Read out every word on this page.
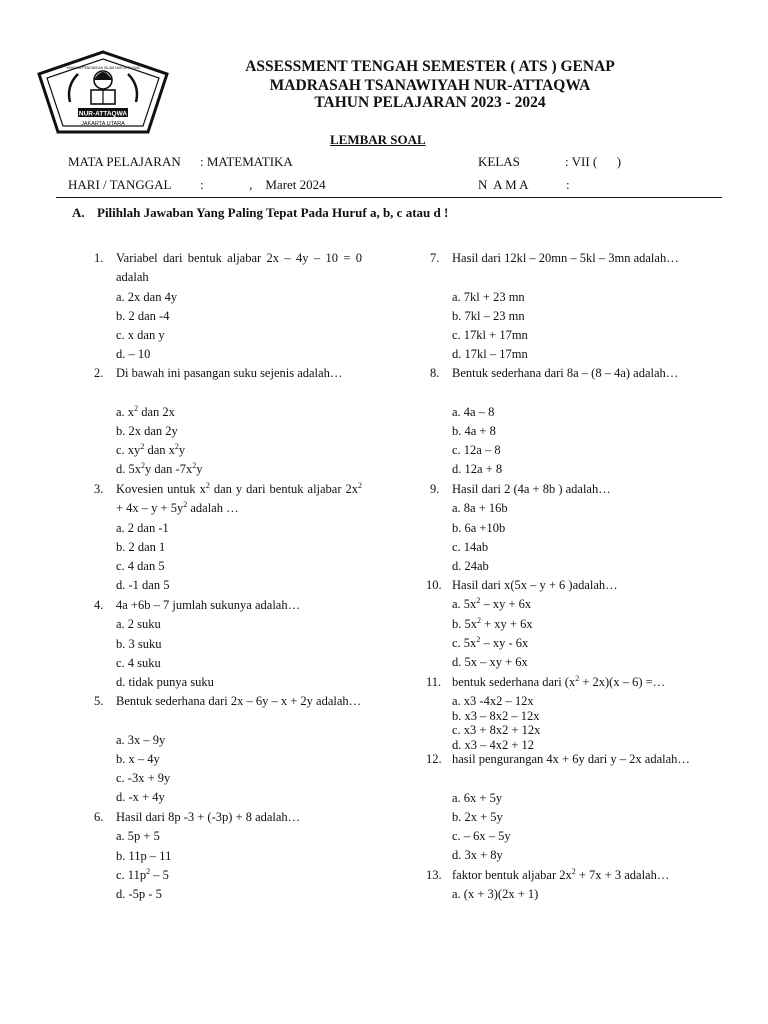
NUR-ATTAQWA
JAKARTA UTARA
YAYASAN PENDIDIKAN ISLAM NUR-ATTAQWA	ASSESSMENT TENGAH SEMESTER ( ATS ) GENAP
MADRASAH TSANAWIYAH NUR-ATTAQWA
TAHUN PELAJARAN 2023 - 2024
LEMBAR SOAL
MATA PELAJARAN : MATEMATIKA	KELAS	: VII (      )
HARI / TANGGAL :              ,    Maret 2024	N  A M A	:
A. Pilihlah Jawaban Yang Paling Tepat Pada Huruf a, b, c atau d !
1. Variabel dari bentuk aljabar 2x – 4y – 10 = 0 adalah
a. 2x dan 4y
b. 2 dan -4
c. x dan y
d. – 10
2. Di bawah ini pasangan suku sejenis adalah…
a. $x^2$ dan 2x
b. 2x dan 2y
c. $xy^2$ dan $x^2y$
d. $5x^2y$ dan $-7x^2y$
3. Kovesien untuk $x^2$ dan y dari bentuk aljabar $2x^2 + 4x - y + 5y^2$ adalah …
a. 2 dan -1
b. 2 dan 1
c. 4 dan 5
d. -1 dan 5
4. 4a +6b – 7 jumlah sukunya adalah…
a. 2 suku
b. 3 suku
c. 4 suku
d. tidak punya suku
5. Bentuk sederhana dari 2x – 6y – x + 2y adalah…
a. 3x – 9y
b. x – 4y
c. -3x + 9y
d. -x + 4y
6. Hasil dari 8p -3 + (-3p) + 8 adalah…
a. 5p + 5
b. 11p – 11
c. $11p^2 - 5$
d. -5p - 5
7. Hasil dari 12kl – 20mn – 5kl – 3mn adalah…
a. 7kl + 23 mn
b. 7kl – 23 mn
c. 17kl + 17mn
d. 17kl – 17mn
8. Bentuk sederhana dari 8a – (8 – 4a) adalah…
a. 4a – 8
b. 4a + 8
c. 12a – 8
d. 12a + 8
9. Hasil dari 2 (4a + 8b ) adalah…
a. 8a + 16b
b. 6a +10b
c. 14ab
d. 24ab
10. Hasil dari x(5x – y + 6 )adalah…
a. $5x^2$ – xy + 6x
b. $5x^2$ + xy + 6x
c. $5x^2$ – xy - 6x
d. 5x – xy + 6x
11. bentuk sederhana dari $(x^2 + 2x)(x - 6)$ =…
a. x3 -4x2 – 12x
b. x3 – 8x2 – 12x
c. x3 + 8x2 + 12x
d. x3 – 4x2 + 12
12. hasil pengurangan 4x + 6y dari y – 2x adalah…
a. 6x + 5y
b. 2x + 5y
c. – 6x – 5y
d. 3x + 8y
13. faktor bentuk aljabar $2x^2 + 7x + 3$ adalah…
a. (x + 3)(2x + 1)
